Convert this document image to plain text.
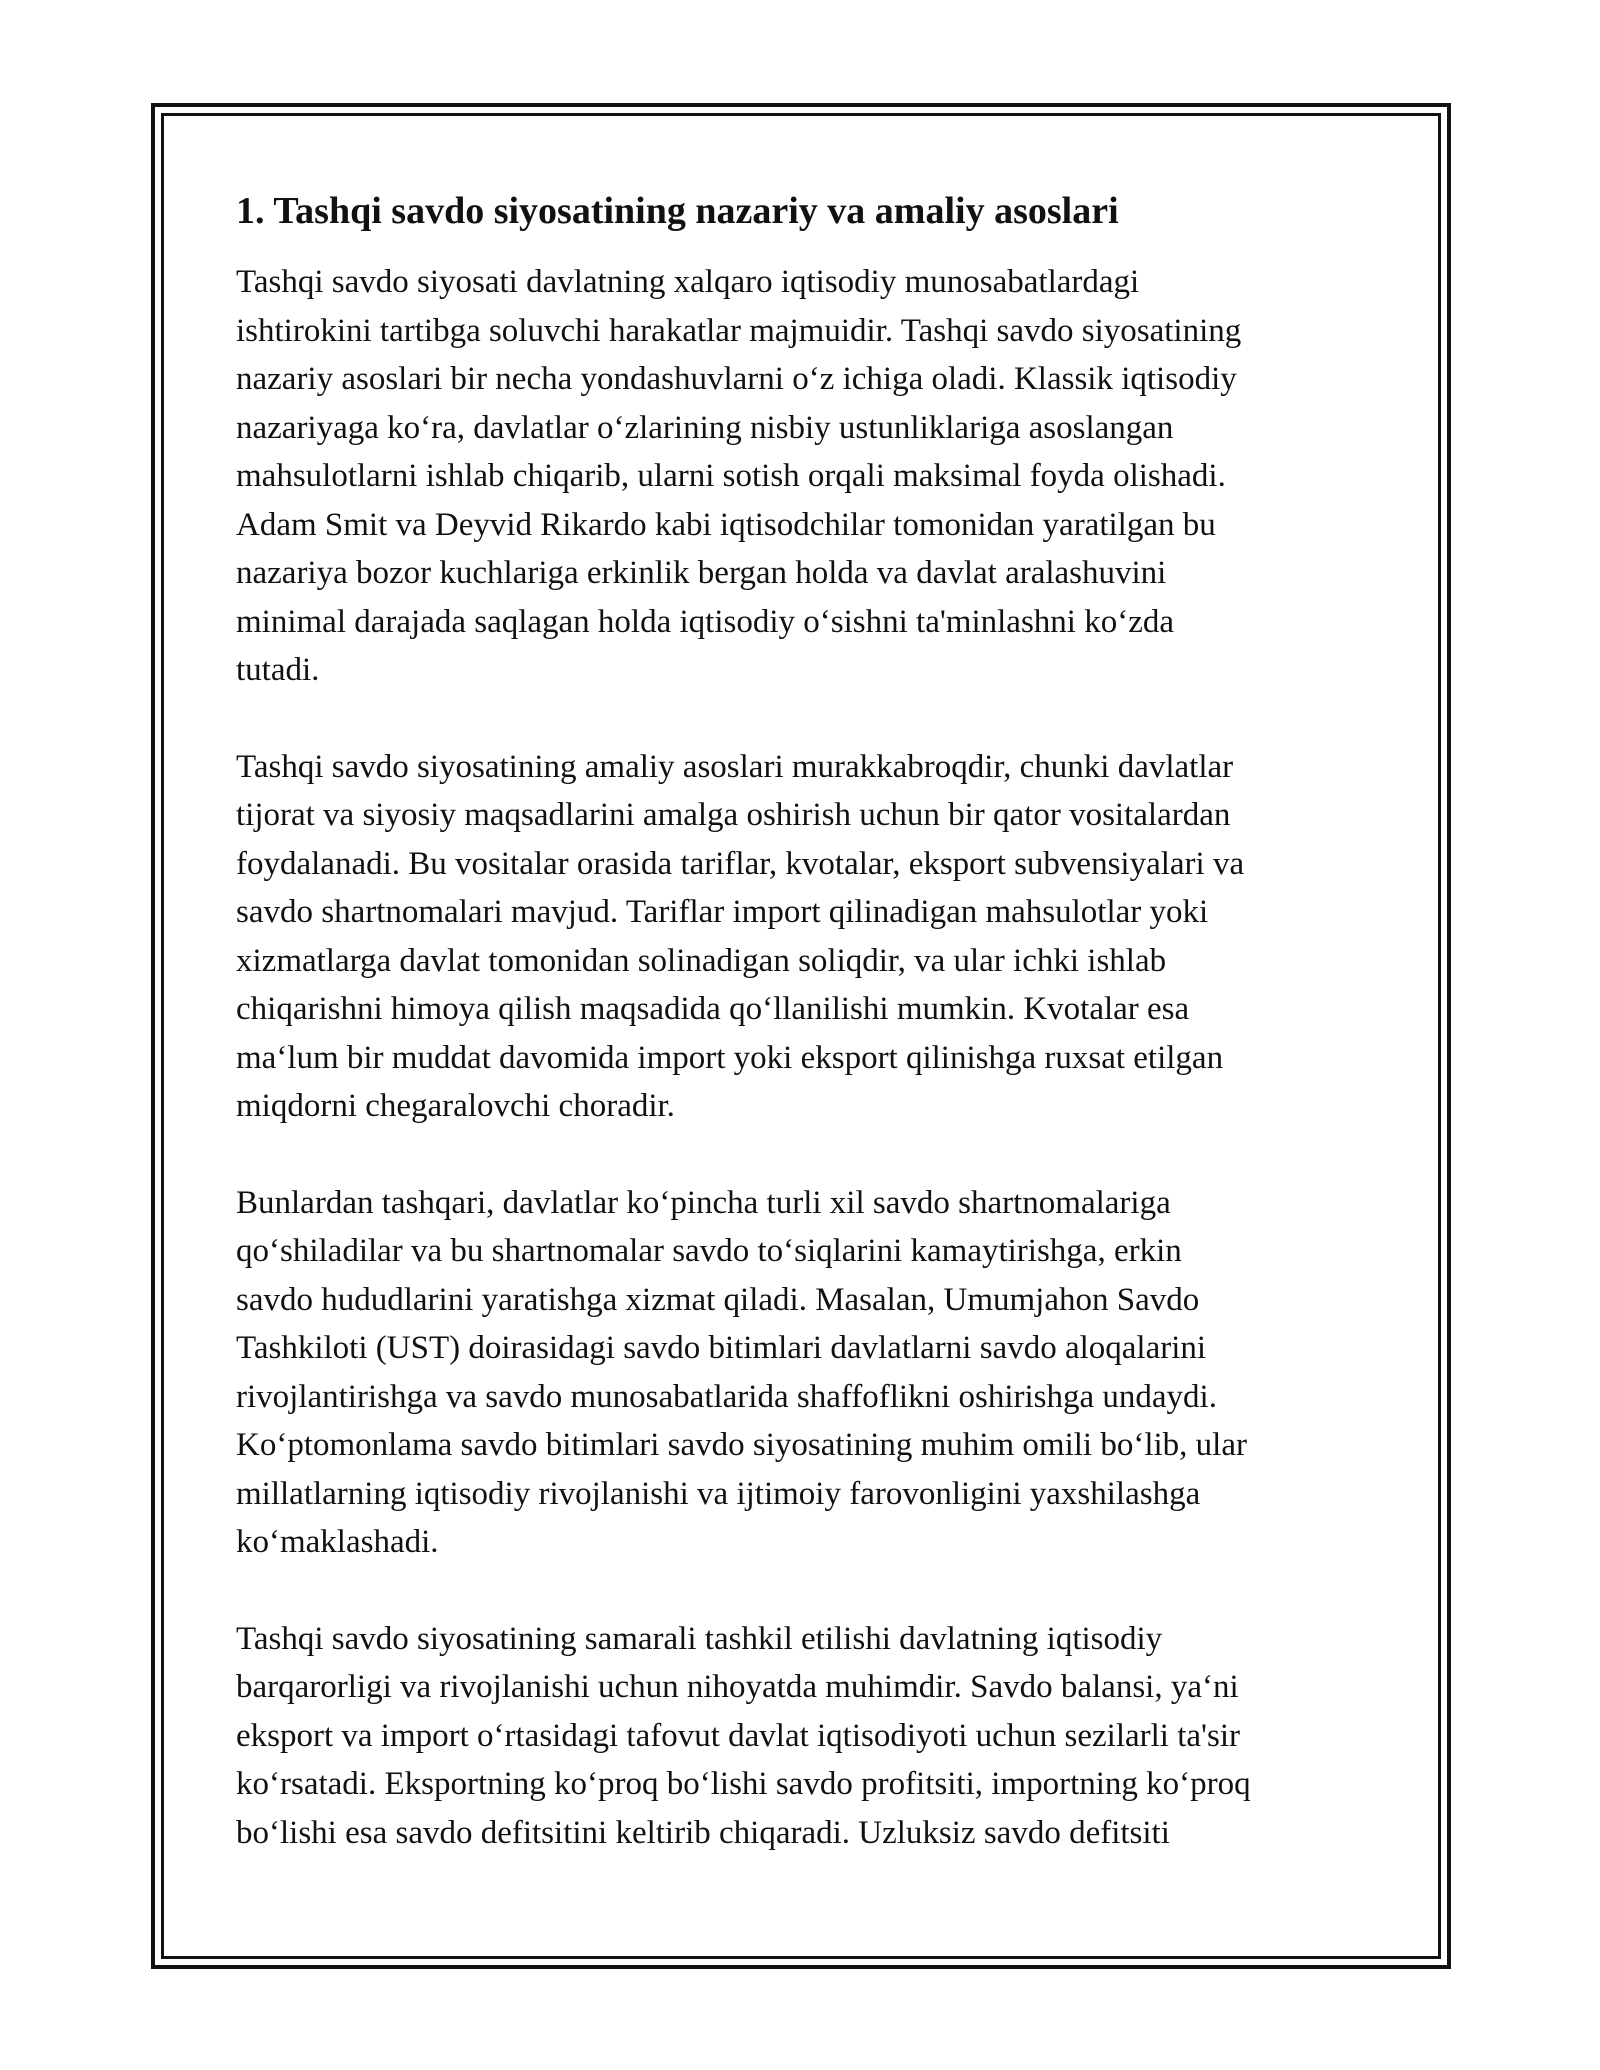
1. Tashqi savdo siyosatining nazariy va amaliy asoslari

Tashqi savdo siyosati davlatning xalqaro iqtisodiy munosabatlardagi
ishtirokini tartibga soluvchi harakatlar majmuidir. Tashqi savdo siyosatining
nazariy asoslari bir necha yondashuvlarni o‘z ichiga oladi. Klassik iqtisodiy
nazariyaga ko‘ra, davlatlar o‘zlarining nisbiy ustunliklariga asoslangan
mahsulotlarni ishlab chiqarib, ularni sotish orqali maksimal foyda olishadi.
Adam Smit va Deyvid Rikardo kabi iqtisodchilar tomonidan yaratilgan bu
nazariya bozor kuchlariga erkinlik bergan holda va davlat aralashuvini
minimal darajada saqlagan holda iqtisodiy o‘sishni ta'minlashni ko‘zda
tutadi.

Tashqi savdo siyosatining amaliy asoslari murakkabroqdir, chunki davlatlar
tijorat va siyosiy maqsadlarini amalga oshirish uchun bir qator vositalardan
foydalanadi. Bu vositalar orasida tariflar, kvotalar, eksport subvensiyalari va
savdo shartnomalari mavjud. Tariflar import qilinadigan mahsulotlar yoki
xizmatlarga davlat tomonidan solinadigan soliqdir, va ular ichki ishlab
chiqarishni himoya qilish maqsadida qo‘llanilishi mumkin. Kvotalar esa
ma‘lum bir muddat davomida import yoki eksport qilinishga ruxsat etilgan
miqdorni chegaralovchi choradir.

Bunlardan tashqari, davlatlar ko‘pincha turli xil savdo shartnomalariga
qo‘shiladilar va bu shartnomalar savdo to‘siqlarini kamaytirishga, erkin
savdo hududlarini yaratishga xizmat qiladi. Masalan, Umumjahon Savdo
Tashkiloti (UST) doirasidagi savdo bitimlari davlatlarni savdo aloqalarini
rivojlantirishga va savdo munosabatlarida shaffoflikni oshirishga undaydi.
Ko‘ptomonlama savdo bitimlari savdo siyosatining muhim omili bo‘lib, ular
millatlarning iqtisodiy rivojlanishi va ijtimoiy farovonligini yaxshilashga
ko‘maklashadi.

Tashqi savdo siyosatining samarali tashkil etilishi davlatning iqtisodiy
barqarorligi va rivojlanishi uchun nihoyatda muhimdir. Savdo balansi, ya‘ni
eksport va import o‘rtasidagi tafovut davlat iqtisodiyoti uchun sezilarli ta'sir
ko‘rsatadi. Eksportning ko‘proq bo‘lishi savdo profitsiti, importning ko‘proq
bo‘lishi esa savdo defitsitini keltirib chiqaradi. Uzluksiz savdo defitsiti
